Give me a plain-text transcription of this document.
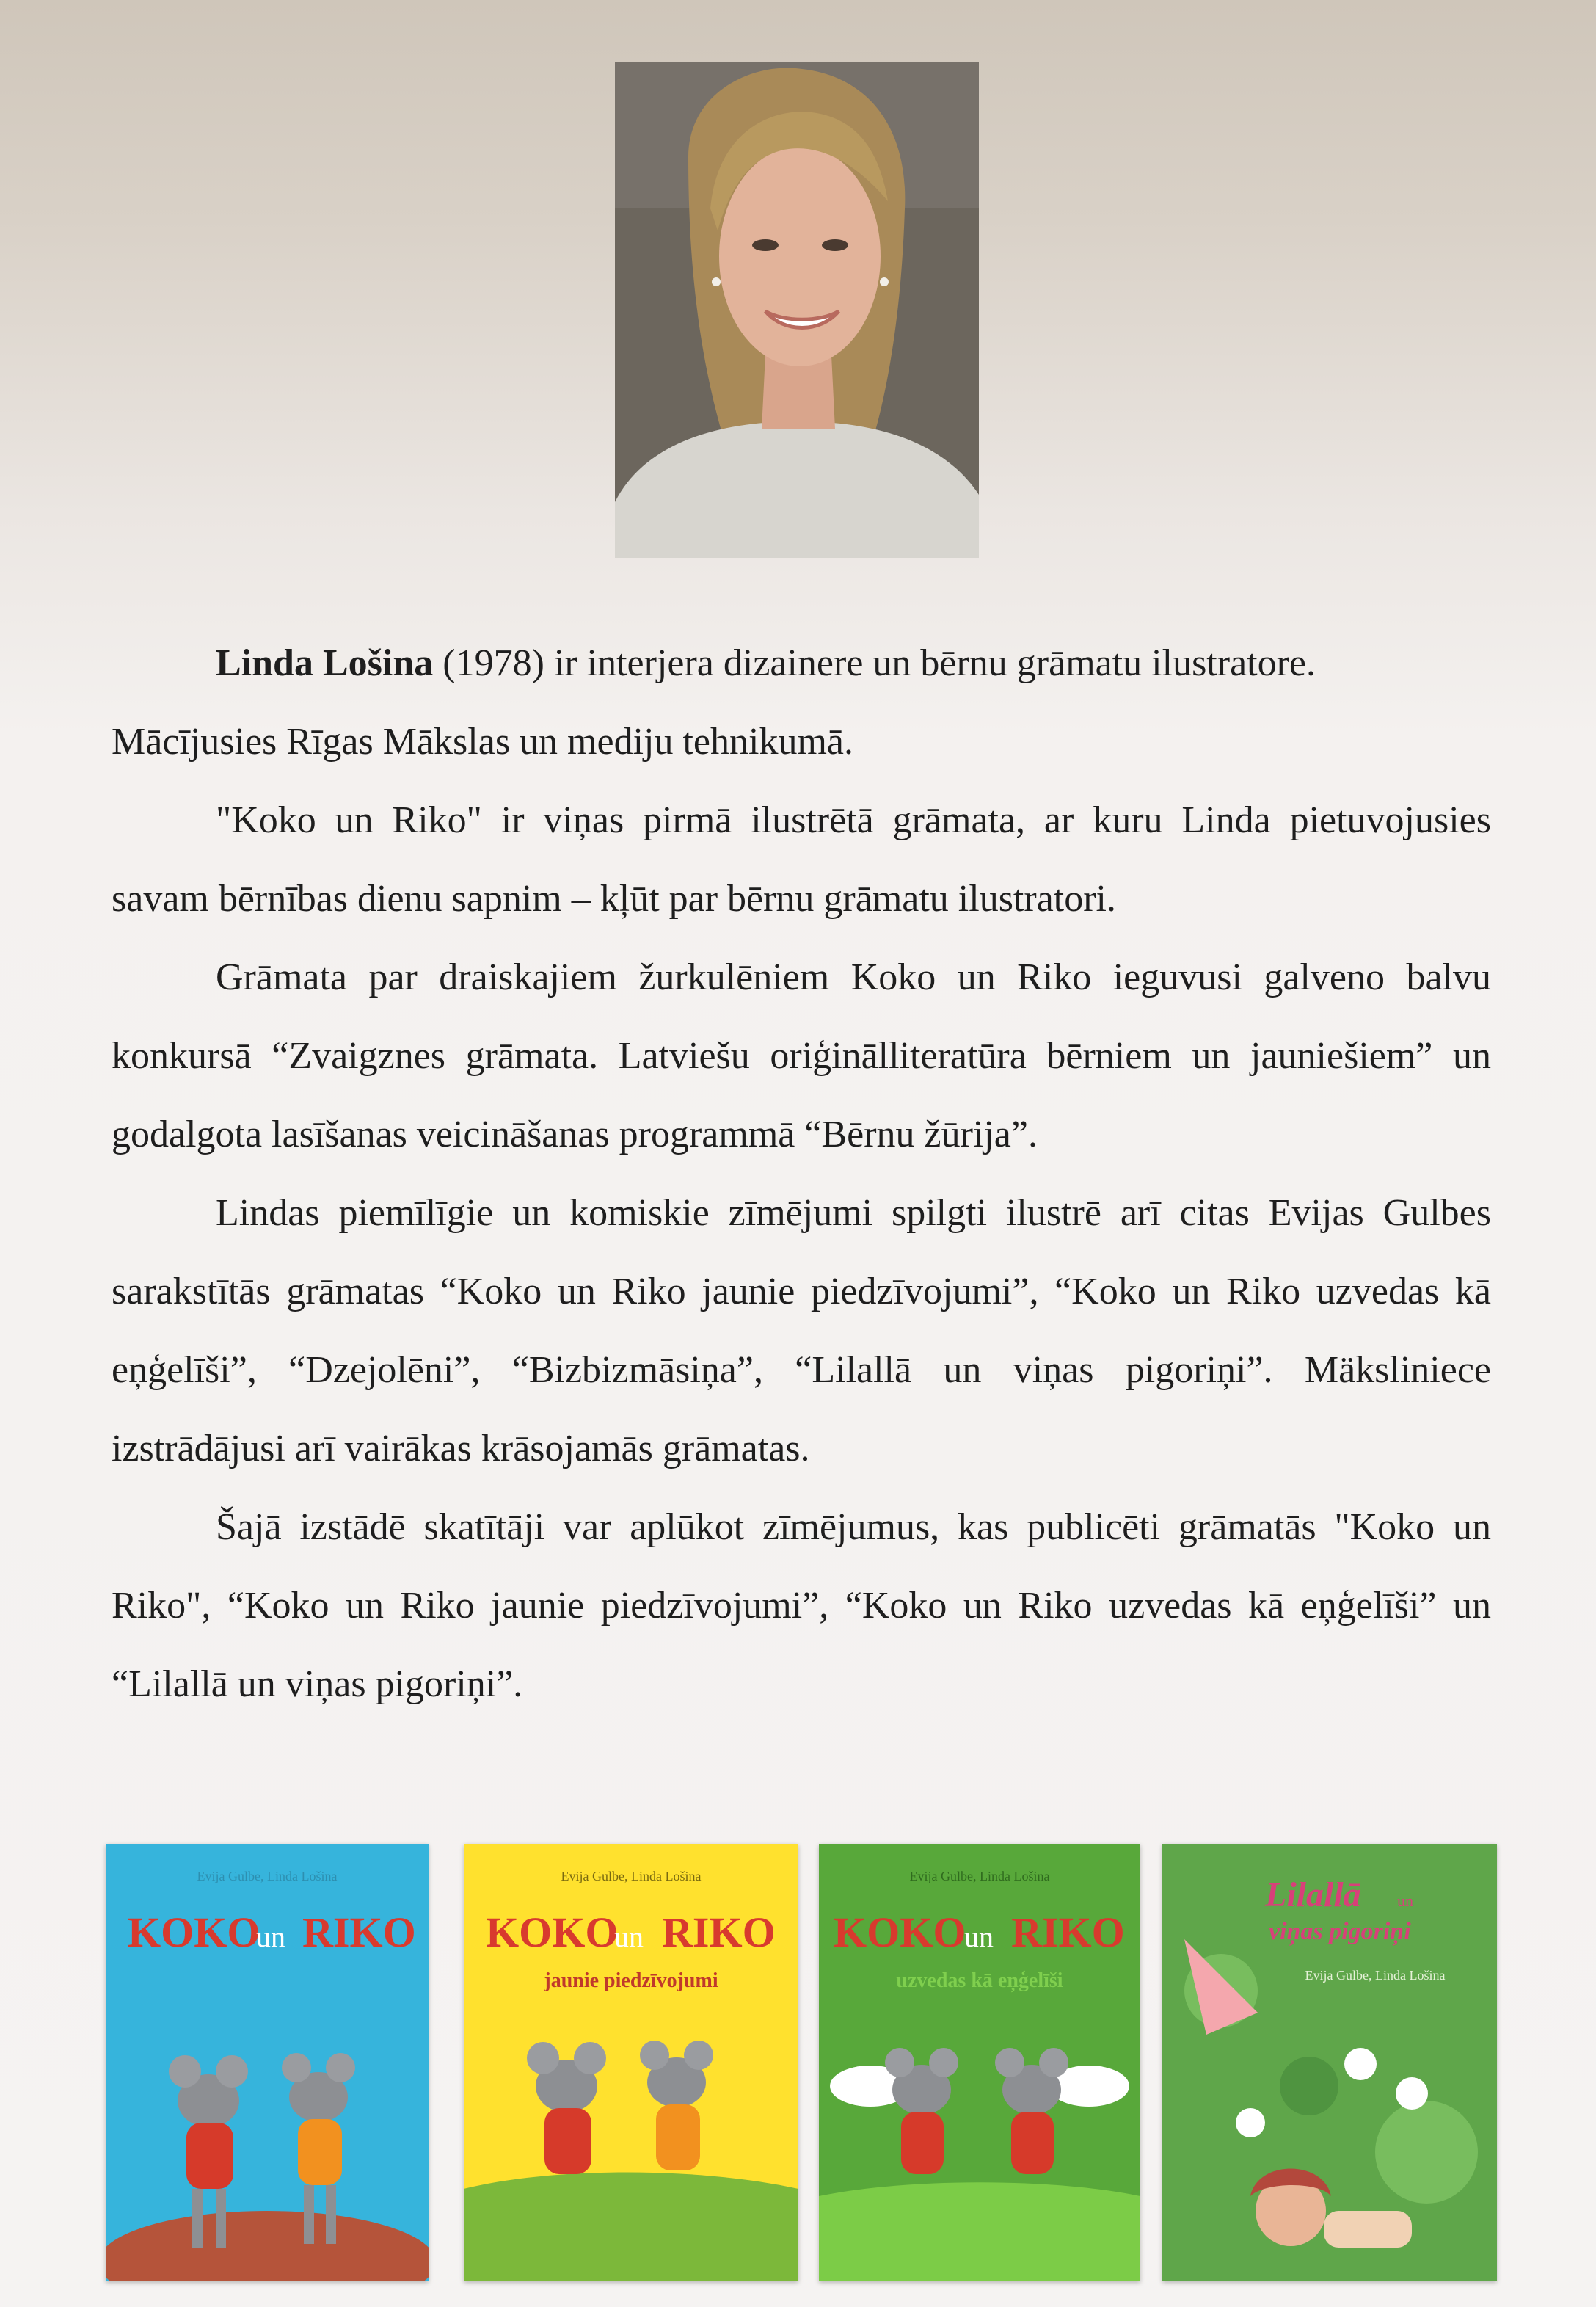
Linda Lošina (1978) ir interjera dizainere un bērnu grāmatu ilustratore.

Mācījusies Rīgas Mākslas un mediju tehnikumā.

"Koko un Riko" ir viņas pirmā ilustrētā grāmata, ar kuru Linda pietuvojusies savam bērnības dienu sapnim – kļūt par bērnu grāmatu ilustratori.

Grāmata par draiskajiem žurkulēniem Koko un Riko ieguvusi galveno balvu konkursā “Zvaigznes grāmata. Latviešu oriģinālliteratūra bērniem un jauniešiem” un godalgota lasīšanas veicināšanas programmā “Bērnu žūrija”.

Lindas piemīlīgie un komiskie zīmējumi spilgti ilustrē arī citas Evijas Gulbes sarakstītās grāmatas “Koko un Riko jaunie piedzīvojumi”, “Koko un Riko uzvedas kā eņģelīši”, “Dzejolēni”, “Bizbizmāsiņa”, “Lilallā un viņas pigoriņi”. Mäksliniece izstrādājusi arī vairākas krāsojamās grāmatas.

Šajā izstādē skatītāji var aplūkot zīmējumus, kas publicēti grāmatās "Koko un Riko", “Koko un Riko jaunie piedzīvojumi”, “Koko un Riko uzvedas kā eņģelīši” un “Lilallā un viņas pigoriņi”.

Evija Gulbe, Linda Lošina
KOKO
un RIKO
Evija Gulbe, Linda Lošina
KOKO
un RIKO
jaunie piedzīvojumi
Evija Gulbe, Linda Lošina
KOKO
un RIKO
uzvedas kā eņģelīši
Lilallā un
viņas pigoriņi
Evija Gulbe, Linda Lošina
